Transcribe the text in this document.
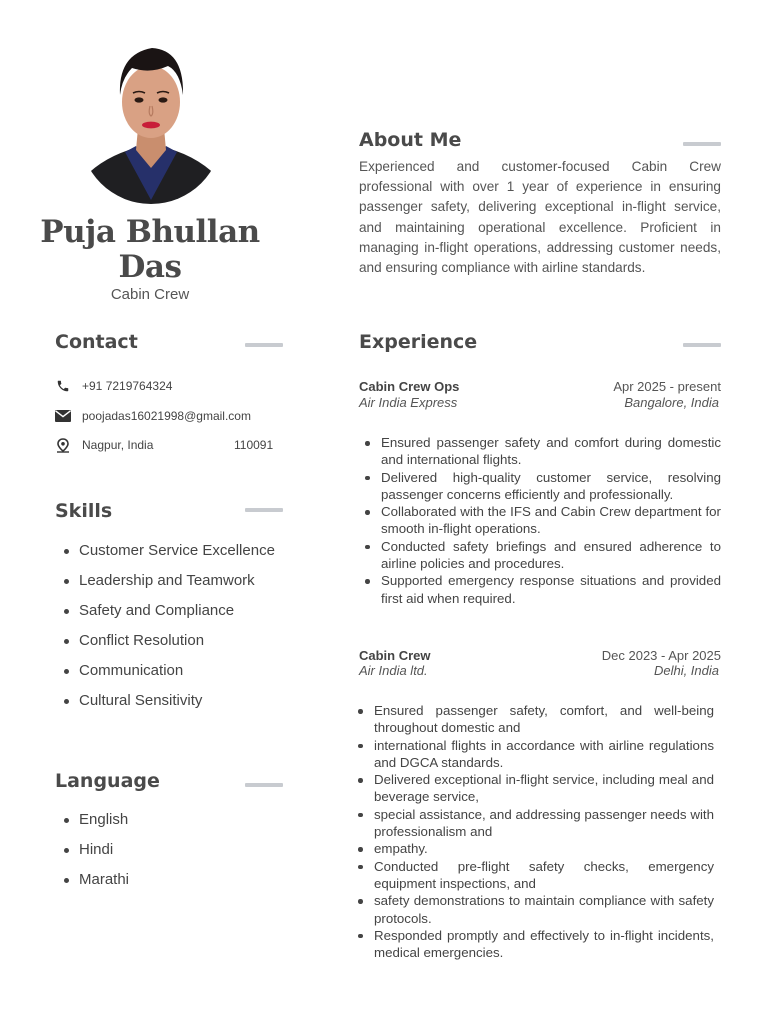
Puja Bhullan Das
Cabin Crew
About Me
Experienced and customer-focused Cabin Crew professional with over 1 year of experience in ensuring passenger safety, delivering exceptional in-flight service, and maintaining operational excellence. Proficient in managing in-flight operations, addressing customer needs, and ensuring compliance with airline standards.
Contact
+91 7219764324
poojadas16021998@gmail.com
Nagpur, India	110091
Skills
Customer Service Excellence
Leadership and Teamwork
Safety and Compliance
Conflict Resolution
Communication
Cultural Sensitivity
Language
English
Hindi
Marathi
Experience
Cabin Crew Ops	Apr 2025 - present
Air India Express	Bangalore, India
Ensured passenger safety and comfort during domestic and international flights.
Delivered high-quality customer service, resolving passenger concerns efficiently and professionally.
Collaborated with the IFS and Cabin Crew department for smooth in-flight operations.
Conducted safety briefings and ensured adherence to airline policies and procedures.
Supported emergency response situations and provided first aid when required.
Cabin Crew	Dec 2023 - Apr 2025
Air India ltd.	Delhi, India
Ensured passenger safety, comfort, and well-being throughout domestic and
international flights in accordance with airline regulations and DGCA standards.
Delivered exceptional in-flight service, including meal and beverage service,
special assistance, and addressing passenger needs with professionalism and
empathy.
Conducted pre-flight safety checks, emergency equipment inspections, and
safety demonstrations to maintain compliance with safety protocols.
Responded promptly and effectively to in-flight incidents, medical emergencies.
